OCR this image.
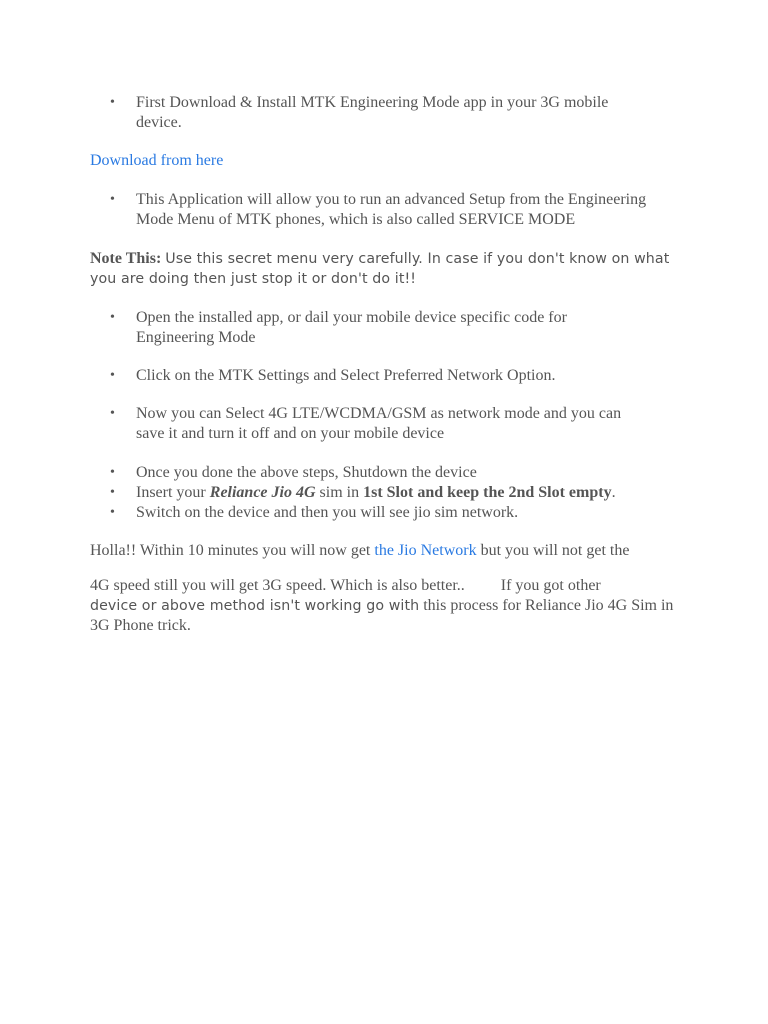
• First Download & Install MTK Engineering Mode app in your 3G mobile
device.

Download from here

• This Application will allow you to run an advanced Setup from the Engineering
Mode Menu of MTK phones, which is also called SERVICE MODE

Note This: Use this secret menu very carefully. In case if you don't know on what
you are doing then just stop it or don't do it!!

• Open the installed app, or dail your mobile device specific code for
Engineering Mode
• Click on the MTK Settings and Select Preferred Network Option.
• Now you can Select 4G LTE/WCDMA/GSM as network mode and you can
save it and turn it off and on your mobile device
• Once you done the above steps, Shutdown the device
• Insert your Reliance Jio 4G sim in 1st Slot and keep the 2nd Slot empty.
• Switch on the device and then you will see jio sim network.

Holla!! Within 10 minutes you will now get the Jio Network but you will not get the

4G speed still you will get 3G speed. Which is also better.. If you got other
device or above method isn't working go with this process for Reliance Jio 4G Sim in
3G Phone trick.
